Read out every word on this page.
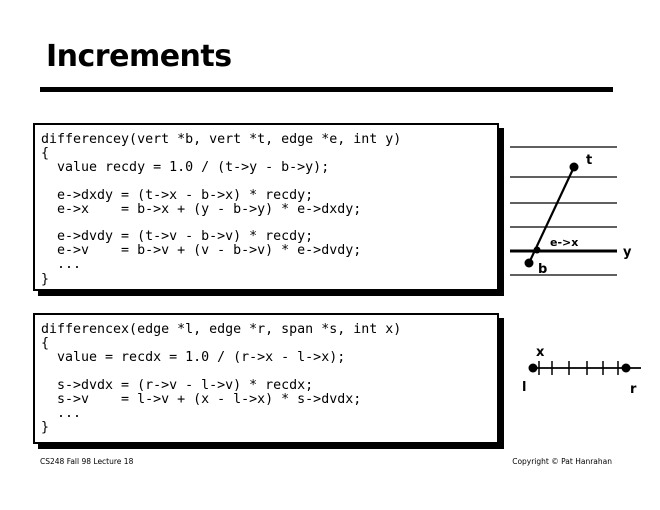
Increments
differencey(vert *b, vert *t, edge *e, int y)
{
value recdy = 1.0 / (t->y - b->y);
e->dxdy = (t->x - b->x) * recdy;
e->x    = b->x + (y - b->y) * e->dxdy;
e->dvdy = (t->v - b->v) * recdy;
e->v    = b->v + (v - b->v) * e->dvdy;
...
}
differencex(edge *l, edge *r, span *s, int x)
{
value = recdx = 1.0 / (r->x - l->x);
s->dvdx = (r->v - l->v) * recdx;
s->v    = l->v + (x - l->x) * s->dvdx;
...
}
t
b
e->x
y
x
l	r
CS248 Fall 98 Lecture 18	Copyright © Pat Hanrahan
